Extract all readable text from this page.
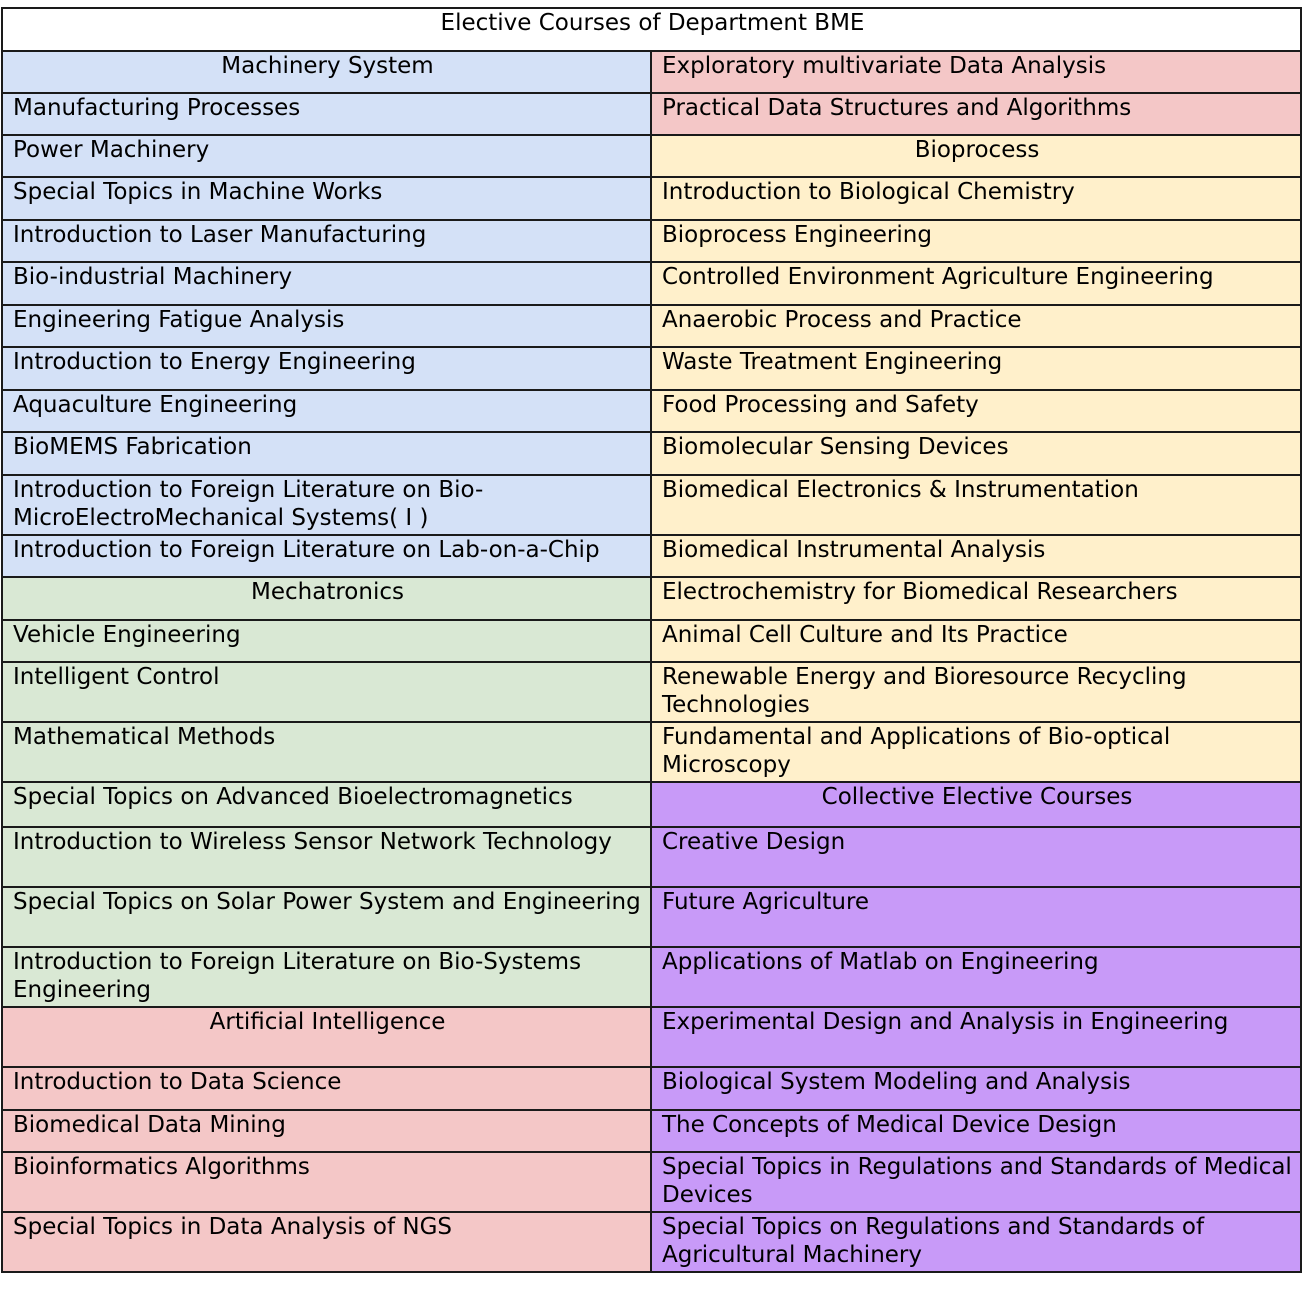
Elective Courses of Department BME	
Machinery System	Exploratory multivariate Data Analysis
Manufacturing Processes	Practical Data Structures and Algorithms
Power Machinery	Bioprocess
Special Topics in Machine Works	Introduction to Biological Chemistry
Introduction to Laser Manufacturing	Bioprocess Engineering
Bio-industrial Machinery	Controlled Environment Agriculture Engineering
Engineering Fatigue Analysis	Anaerobic Process and Practice
Introduction to Energy Engineering	Waste Treatment Engineering
Aquaculture Engineering	Food Processing and Safety
BioMEMS Fabrication	Biomolecular Sensing Devices
Introduction to Foreign Literature on Bio-MicroElectroMechanical Systems( I )	Biomedical Electronics & Instrumentation
Introduction to Foreign Literature on Lab-on-a-Chip	Biomedical Instrumental Analysis
Mechatronics	Electrochemistry for Biomedical Researchers
Vehicle Engineering	Animal Cell Culture and Its Practice
Intelligent Control	Renewable Energy and Bioresource Recycling Technologies
Mathematical Methods	Fundamental and Applications of Bio-optical Microscopy
Special Topics on Advanced Bioelectromagnetics	Collective Elective Courses
Introduction to Wireless Sensor Network Technology	Creative Design
Special Topics on Solar Power System and Engineering	Future Agriculture
Introduction to Foreign Literature on Bio-Systems Engineering	Applications of Matlab on Engineering
Artificial Intelligence	Experimental Design and Analysis in Engineering
Introduction to Data Science	Biological System Modeling and Analysis
Biomedical Data Mining	The Concepts of Medical Device Design
Bioinformatics Algorithms	Special Topics in Regulations and Standards of Medical Devices
Special Topics in Data Analysis of NGS	Special Topics on Regulations and Standards of Agricultural Machinery
